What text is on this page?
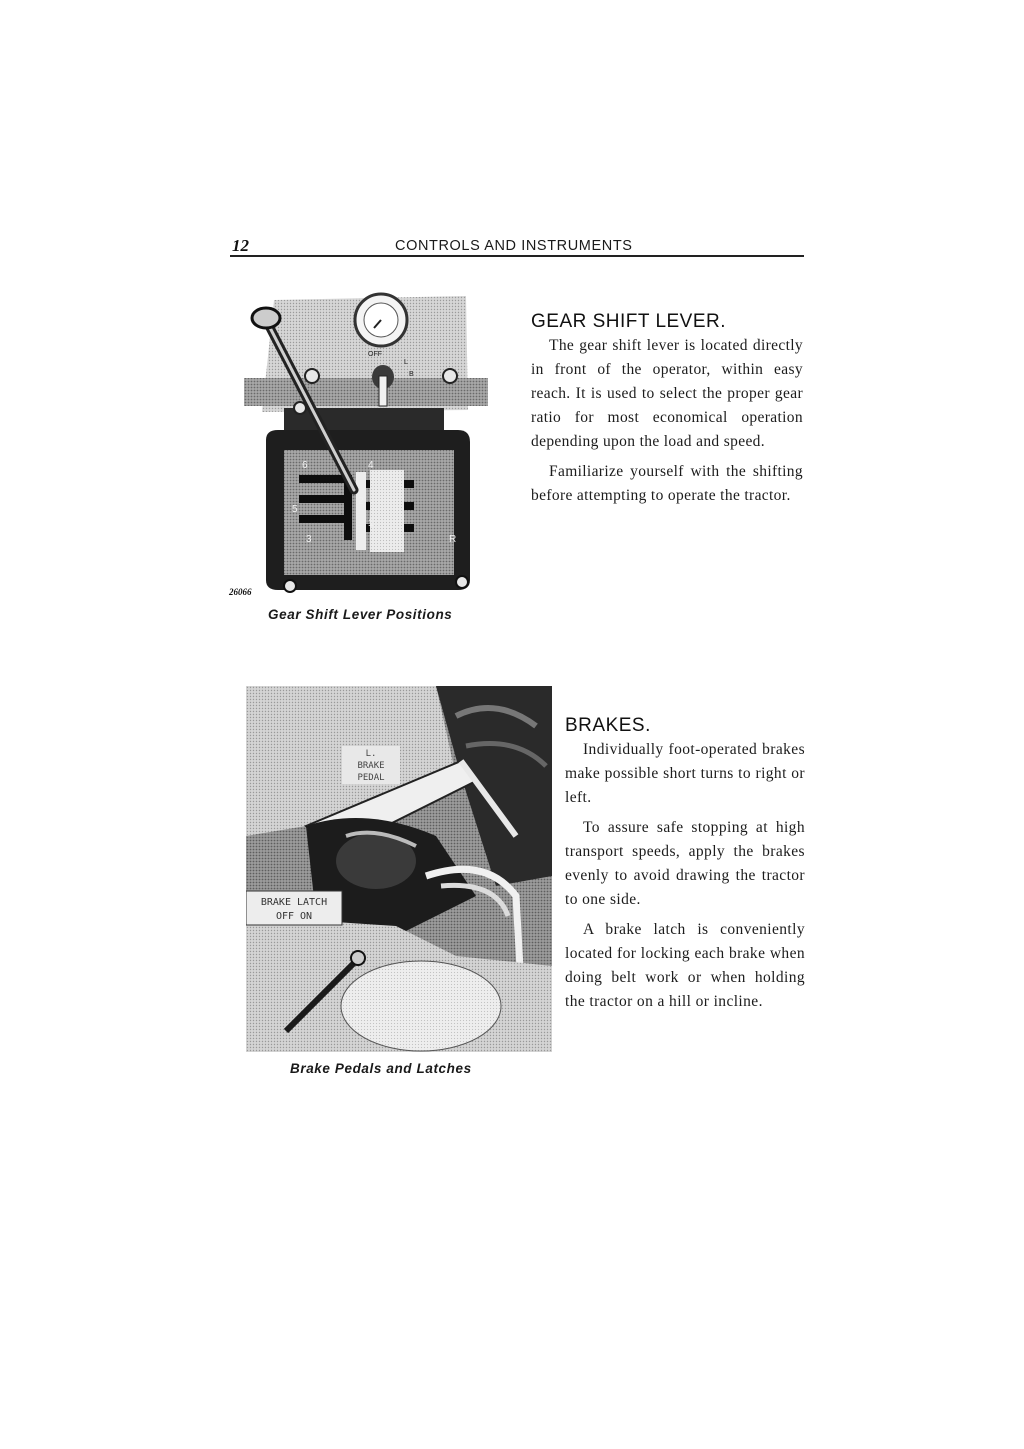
12	CONTROLS AND INSTRUMENTS
OFF
L
B
6	4
5
2
1
3	R
26066
Gear Shift Lever Positions
GEAR SHIFT LEVER.

The gear shift lever is located directly in front of the operator, within easy reach. It is used to select the proper gear ratio for most economical operation depending upon the load and speed.

Familiarize yourself with the shifting before attempting to operate the tractor.

L.
BRAKE
PEDAL
BRAKE LATCH
OFF ON
Brake Pedals and Latches
BRAKES.

Individually foot-operated brakes make possible short turns to right or left.

To assure safe stopping at high transport speeds, apply the brakes evenly to avoid drawing the tractor to one side.

A brake latch is conveniently located for locking each brake when doing belt work or when holding the tractor on a hill or incline.
